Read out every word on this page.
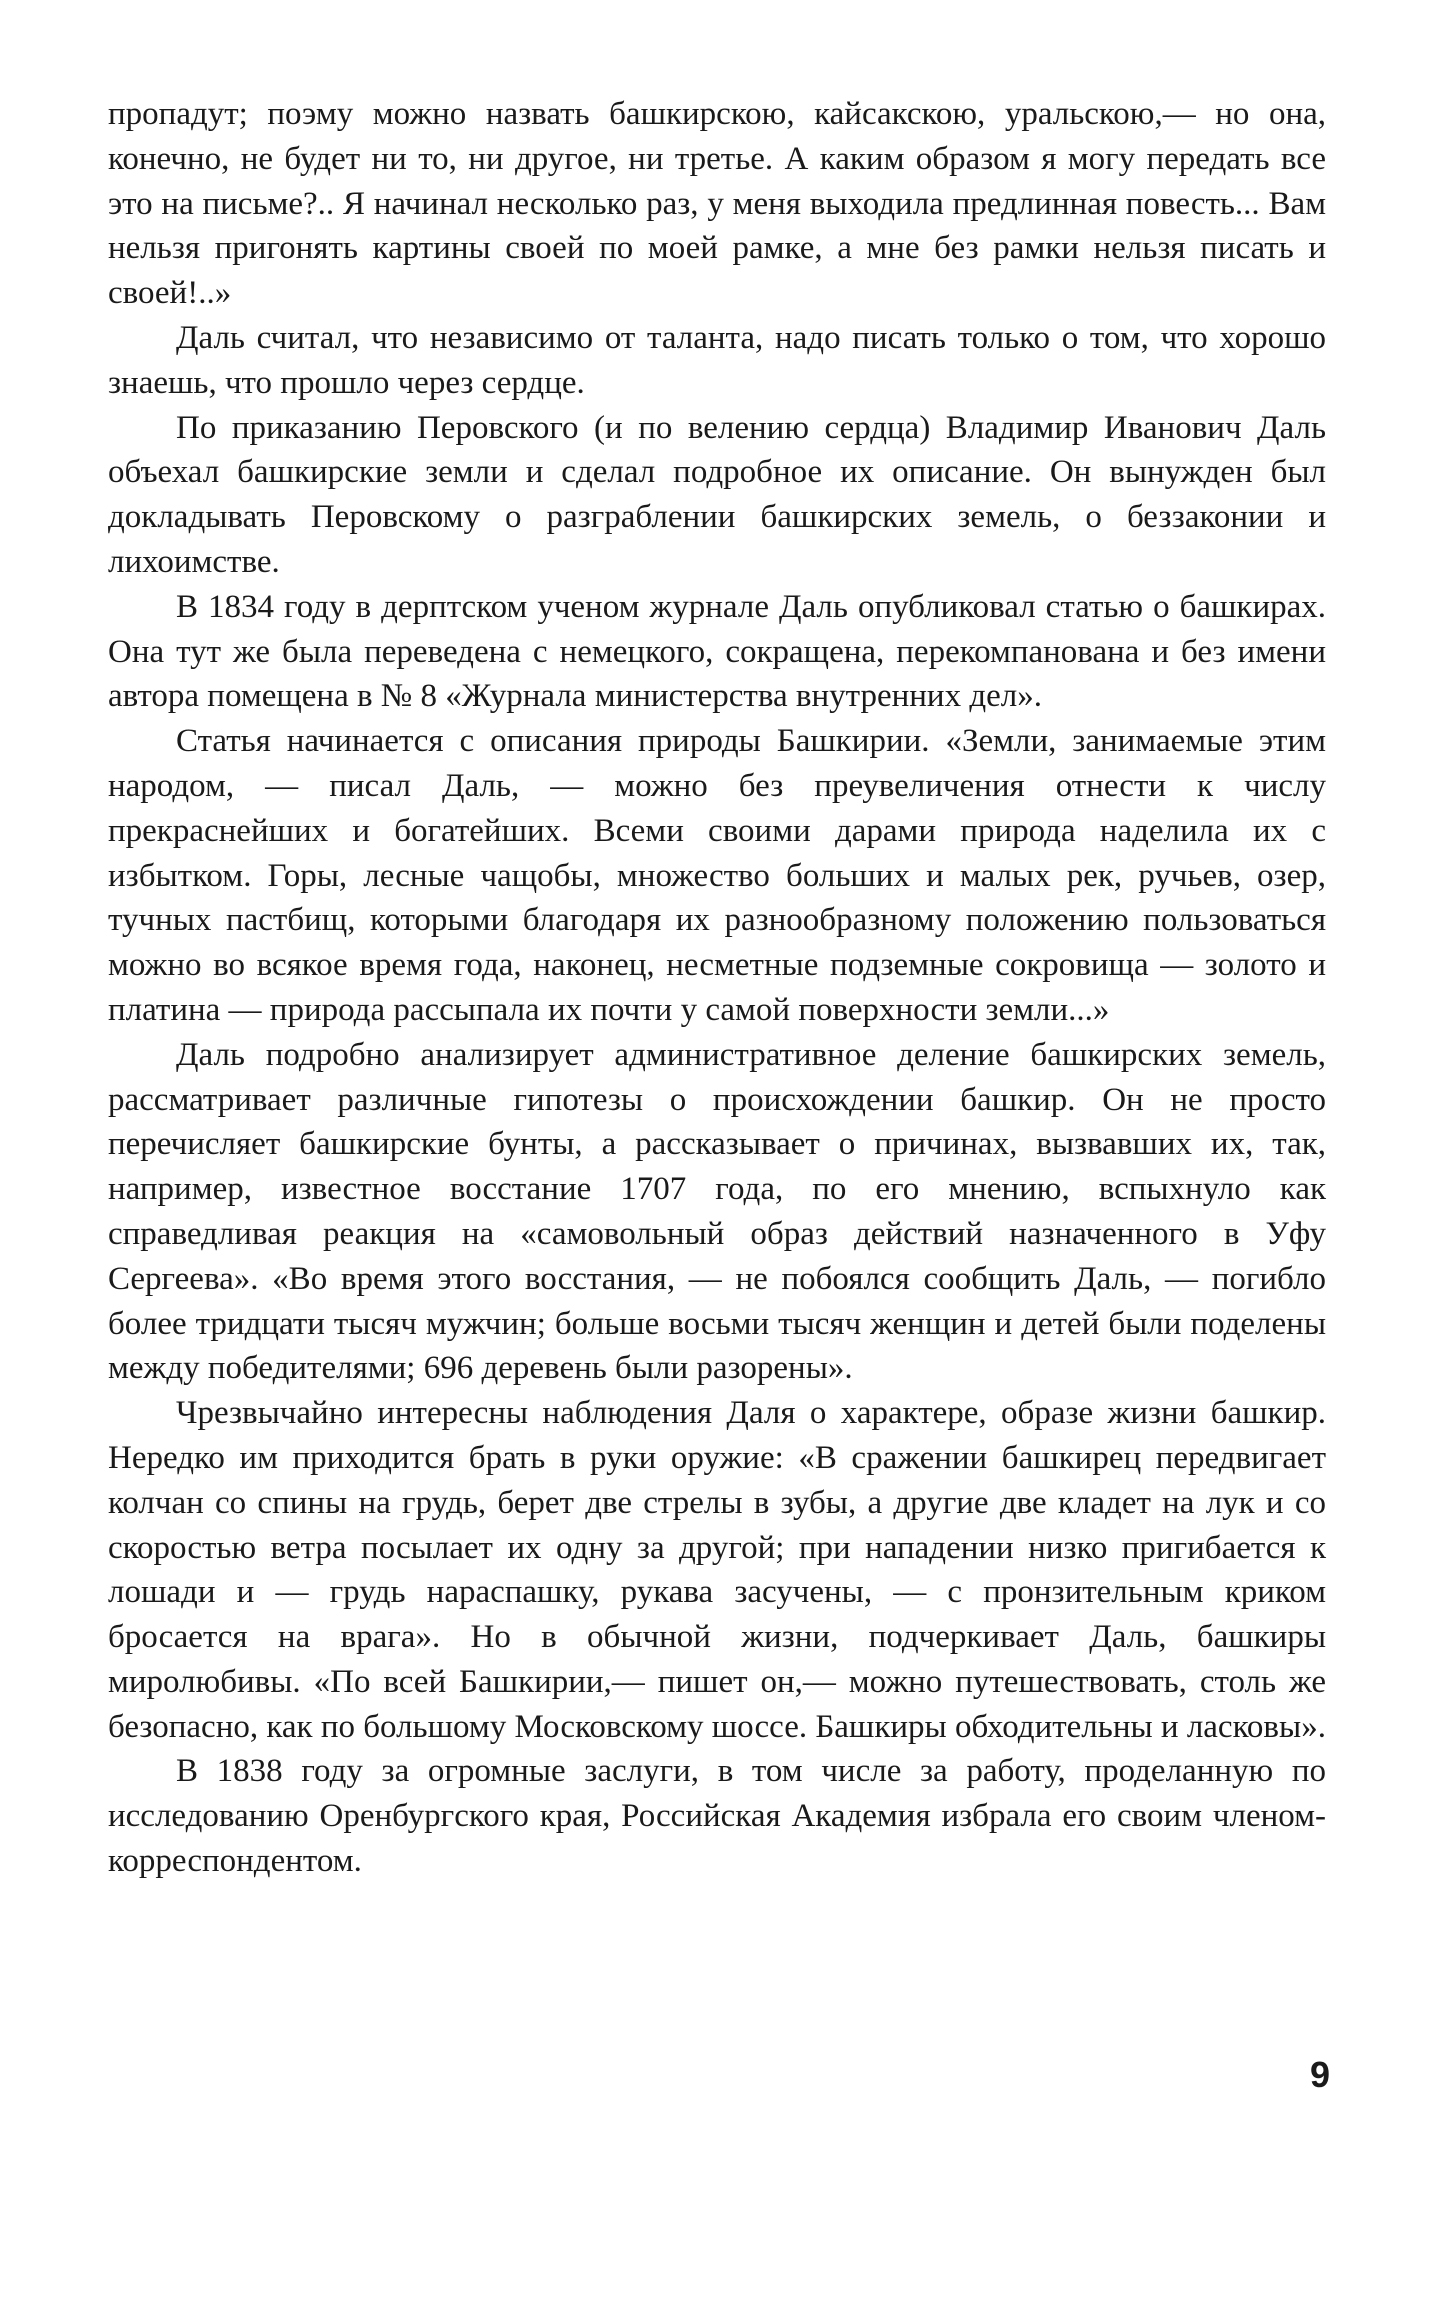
пропадут; поэму можно назвать башкирскою, кайсакскою, уральскою,— но она, конечно, не будет ни то, ни другое, ни третье. А каким образом я могу передать все это на письме?.. Я начинал несколько раз, у меня выходила предлинная повесть... Вам нельзя пригонять картины своей по моей рамке, а мне без рамки нельзя писать и своей!..»

Даль считал, что независимо от таланта, надо писать только о том, что хорошо знаешь, что прошло через сердце.

По приказанию Перовского (и по велению сердца) Владимир Иванович Даль объехал башкирские земли и сделал подробное их описание. Он вынужден был докладывать Перовскому о разграблении башкирских земель, о беззаконии и лихоимстве.

В 1834 году в дерптском ученом журнале Даль опубликовал статью о башкирах. Она тут же была переведена с немецкого, сокращена, перекомпанована и без имени автора помещена в № 8 «Журнала министерства внутренних дел».

Статья начинается с описания природы Башкирии. «Земли, занимаемые этим народом, — писал Даль, — можно без преувеличения отнести к числу прекраснейших и богатейших. Всеми своими дарами природа наделила их с избытком. Горы, лесные чащобы, множество больших и малых рек, ручьев, озер, тучных пастбищ, которыми благодаря их разнообразному положению пользоваться можно во всякое время года, наконец, несметные подземные сокровища — золото и платина — природа рассыпала их почти у самой поверхности земли...»

Даль подробно анализирует административное деление башкирских земель, рассматривает различные гипотезы о происхождении башкир. Он не просто перечисляет башкирские бунты, а рассказывает о причинах, вызвавших их, так, например, известное восстание 1707 года, по его мнению, вспыхнуло как справедливая реакция на «самовольный образ действий назначенного в Уфу Сергеева». «Во время этого восстания, — не побоялся сообщить Даль, — погибло более тридцати тысяч мужчин; больше восьми тысяч женщин и детей были поделены между победителями; 696 деревень были разорены».

Чрезвычайно интересны наблюдения Даля о характере, образе жизни башкир. Нередко им приходится брать в руки оружие: «В сражении башкирец передвигает колчан со спины на грудь, берет две стрелы в зубы, а другие две кладет на лук и со скоростью ветра посылает их одну за другой; при нападении низко пригибается к лошади и — грудь нараспашку, рукава засучены, — с пронзительным криком бросается на врага». Но в обычной жизни, подчеркивает Даль, башкиры миролюбивы. «По всей Башкирии,— пишет он,— можно путешествовать, столь же безопасно, как по большому Московскому шоссе. Башкиры обходительны и ласковы».

В 1838 году за огромные заслуги, в том числе за работу, проделанную по исследованию Оренбургского края, Российская Академия избрала его своим членом-корреспондентом.

9
